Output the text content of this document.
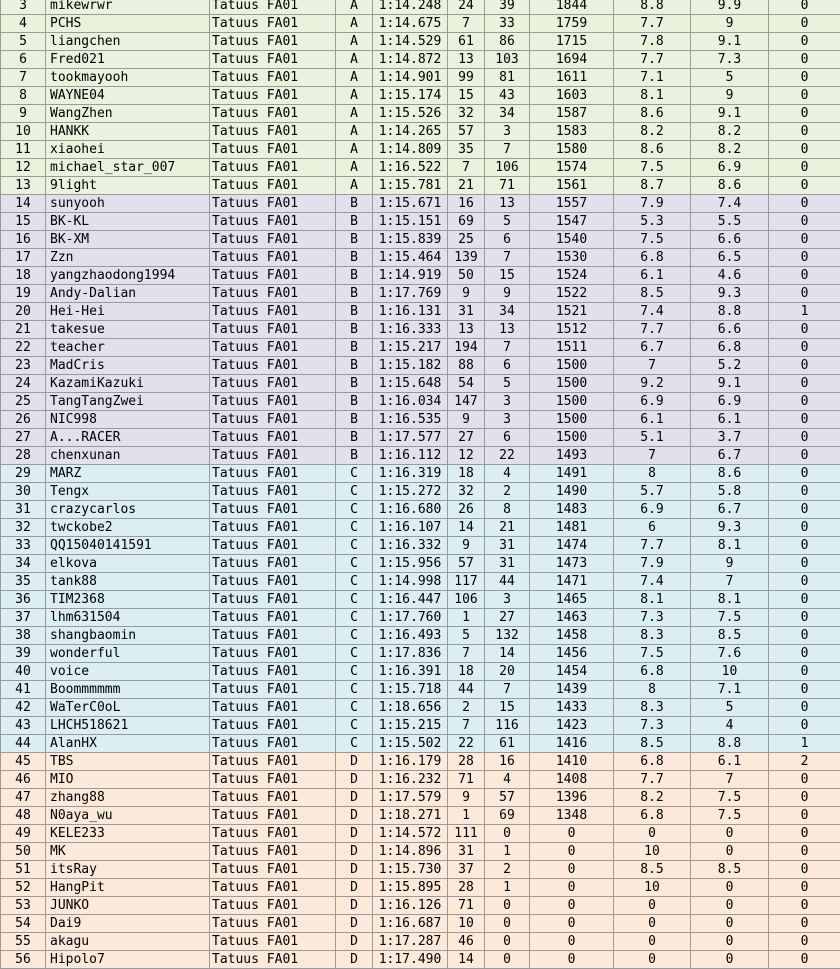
3	mikewrwr	Tatuus FA01	A	1:14.248	24	39	1844	8.8	9.9	0
4	PCHS	Tatuus FA01	A	1:14.675	7	33	1759	7.7	9	0
5	liangchen	Tatuus FA01	A	1:14.529	61	86	1715	7.8	9.1	0
6	Fred021	Tatuus FA01	A	1:14.872	13	103	1694	7.7	7.3	0
7	tookmayooh	Tatuus FA01	A	1:14.901	99	81	1611	7.1	5	0
8	WAYNE04	Tatuus FA01	A	1:15.174	15	43	1603	8.1	9	0
9	WangZhen	Tatuus FA01	A	1:15.526	32	34	1587	8.6	9.1	0
10	HANKK	Tatuus FA01	A	1:14.265	57	3	1583	8.2	8.2	0
11	xiaohei	Tatuus FA01	A	1:14.809	35	7	1580	8.6	8.2	0
12	michael_star_007	Tatuus FA01	A	1:16.522	7	106	1574	7.5	6.9	0
13	9light	Tatuus FA01	A	1:15.781	21	71	1561	8.7	8.6	0
14	sunyooh	Tatuus FA01	B	1:15.671	16	13	1557	7.9	7.4	0
15	BK-KL	Tatuus FA01	B	1:15.151	69	5	1547	5.3	5.5	0
16	BK-XM	Tatuus FA01	B	1:15.839	25	6	1540	7.5	6.6	0
17	Zzn	Tatuus FA01	B	1:15.464	139	7	1530	6.8	6.5	0
18	yangzhaodong1994	Tatuus FA01	B	1:14.919	50	15	1524	6.1	4.6	0
19	Andy-Dalian	Tatuus FA01	B	1:17.769	9	9	1522	8.5	9.3	0
20	Hei-Hei	Tatuus FA01	B	1:16.131	31	34	1521	7.4	8.8	1
21	takesue	Tatuus FA01	B	1:16.333	13	13	1512	7.7	6.6	0
22	teacher	Tatuus FA01	B	1:15.217	194	7	1511	6.7	6.8	0
23	MadCris	Tatuus FA01	B	1:15.182	88	6	1500	7	5.2	0
24	KazamiKazuki	Tatuus FA01	B	1:15.648	54	5	1500	9.2	9.1	0
25	TangTangZwei	Tatuus FA01	B	1:16.034	147	3	1500	6.9	6.9	0
26	NIC998	Tatuus FA01	B	1:16.535	9	3	1500	6.1	6.1	0
27	A...RACER	Tatuus FA01	B	1:17.577	27	6	1500	5.1	3.7	0
28	chenxunan	Tatuus FA01	B	1:16.112	12	22	1493	7	6.7	0
29	MARZ	Tatuus FA01	C	1:16.319	18	4	1491	8	8.6	0
30	Tengx	Tatuus FA01	C	1:15.272	32	2	1490	5.7	5.8	0
31	crazycarlos	Tatuus FA01	C	1:16.680	26	8	1483	6.9	6.7	0
32	twckobe2	Tatuus FA01	C	1:16.107	14	21	1481	6	9.3	0
33	QQ15040141591	Tatuus FA01	C	1:16.332	9	31	1474	7.7	8.1	0
34	elkova	Tatuus FA01	C	1:15.956	57	31	1473	7.9	9	0
35	tank88	Tatuus FA01	C	1:14.998	117	44	1471	7.4	7	0
36	TIM2368	Tatuus FA01	C	1:16.447	106	3	1465	8.1	8.1	0
37	lhm631504	Tatuus FA01	C	1:17.760	1	27	1463	7.3	7.5	0
38	shangbaomin	Tatuus FA01	C	1:16.493	5	132	1458	8.3	8.5	0
39	wonderful	Tatuus FA01	C	1:17.836	7	14	1456	7.5	7.6	0
40	voice	Tatuus FA01	C	1:16.391	18	20	1454	6.8	10	0
41	Boommmmmm	Tatuus FA01	C	1:15.718	44	7	1439	8	7.1	0
42	WaTerC0oL	Tatuus FA01	C	1:18.656	2	15	1433	8.3	5	0
43	LHCH518621	Tatuus FA01	C	1:15.215	7	116	1423	7.3	4	0
44	AlanHX	Tatuus FA01	C	1:15.502	22	61	1416	8.5	8.8	1
45	TBS	Tatuus FA01	D	1:16.179	28	16	1410	6.8	6.1	2
46	MIO	Tatuus FA01	D	1:16.232	71	4	1408	7.7	7	0
47	zhang88	Tatuus FA01	D	1:17.579	9	57	1396	8.2	7.5	0
48	N0aya_wu	Tatuus FA01	D	1:18.271	1	69	1348	6.8	7.5	0
49	KELE233	Tatuus FA01	D	1:14.572	111	0	0	0	0	0
50	MK	Tatuus FA01	D	1:14.896	31	1	0	10	0	0
51	itsRay	Tatuus FA01	D	1:15.730	37	2	0	8.5	8.5	0
52	HangPit	Tatuus FA01	D	1:15.895	28	1	0	10	0	0
53	JUNKO	Tatuus FA01	D	1:16.126	71	0	0	0	0	0
54	Dai9	Tatuus FA01	D	1:16.687	10	0	0	0	0	0
55	akagu	Tatuus FA01	D	1:17.287	46	0	0	0	0	0
56	Hipolo7	Tatuus FA01	D	1:17.490	14	0	0	0	0	0
